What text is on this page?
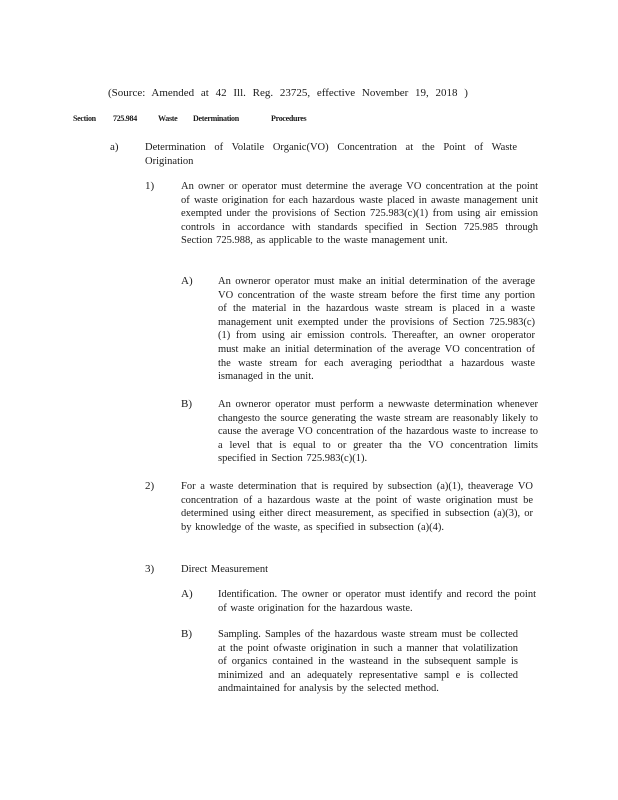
(Source: Amended at 42 Ill. Reg. 23725, effective November 19, 2018 )
Section 725.984	Waste Determination	Procedures
a)	Determination of Volatile Organic(VO) Concentration at the Point of Waste Origination
1)	An owner or operator must determine the average VO concentration at the point of waste origination for each hazardous waste placed in awaste management unit exempted under the provisions of Section 725.983(c)(1) from using air emission controls in accordance with standards specified in Section 725.985 through Section 725.988, as applicable to the waste management unit.
A) An owneror operator must make an initial determination of the average VO concentration of the waste stream before the first time any portion of the material in the hazardous waste stream is placed in a waste management unit exempted under the provisions of Section 725.983(c)(1) from using air emission controls. Thereafter, an owner oroperator must make an initial determination of the average VO concentration of the waste stream for each averaging periodthat a hazardous waste ismanaged in the unit.
B) An owneror operator must perform a newwaste determination whenever changesto the source generating the waste stream are reasonably likely to cause the average VO concentration of the hazardous waste to increase to a level that is equal to or greater tha the VO concentration limits specified in Section 725.983(c)(1).
2)	For a waste determination that is required by subsection (a)(1), theaverage VO concentration of a hazardous waste at the point of waste origination must be determined using either direct measurement, as specified in subsection (a)(3), or by knowledge of the waste, as specified in subsection (a)(4).
3)	Direct Measurement
A) Identification. The owner or operator must identify and record the point of waste origination for the hazardous waste.
B) Sampling. Samples of the hazardous waste stream must be collected at the point ofwaste origination in such a manner that volatilization of organics contained in the wasteand in the subsequent sample is minimized and an adequately representative sampl e is collected andmaintained for analysis by the selected method.
